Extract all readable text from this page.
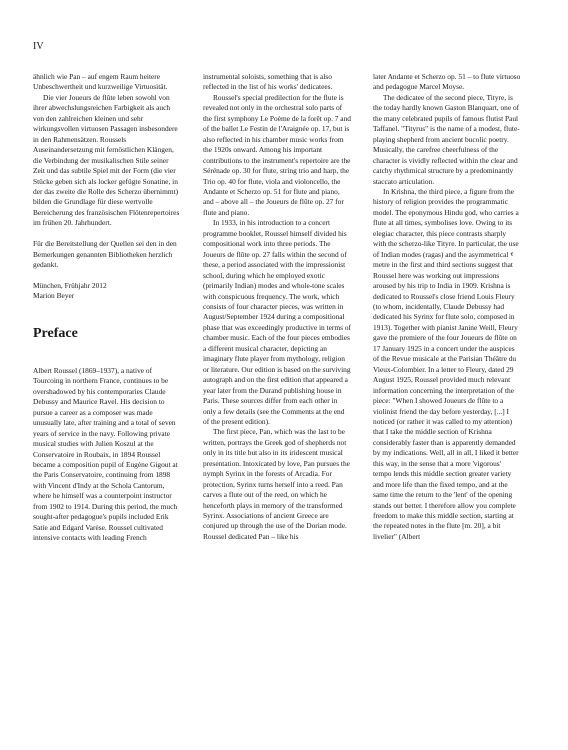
IV

ähnlich wie Pan – auf engem Raum heitere Unbeschwertheit und kurzweilige Virtuosität.

Die vier Joueurs de flûte leben sowohl von ihrer abwechslungsreichen Farbigkeit als auch von den zahlreichen kleinen und sehr wirkungsvollen virtuosen Passagen insbesondere in den Rahmensätzen. Roussels Auseinandersetzung mit fernöstlichen Klängen, die Verbindung der musikalischen Stile seiner Zeit und das subtile Spiel mit der Form (die vier Stücke geben sich als locker gefügte Sonatine, in der das zweite die Rolle des Scherzo übernimmt) bilden die Grundlage für diese wertvolle Bereicherung des französischen Flötenrepertoires im frühen 20. Jahrhundert.

Für die Bereitstellung der Quellen sei den in den Bemerkungen genannten Bibliotheken herzlich gedankt.

München, Frühjahr 2012

Marion Beyer

Preface

Albert Roussel (1869–1937), a native of Tourcoing in northern France, continues to be overshadowed by his contemporaries Claude Debussy and Maurice Ravel. His decision to pursue a career as a composer was made unusually late, after training and a total of seven years of service in the navy. Following private musical studies with Julien Koszul at the Conservatoire in Roubaix, in 1894 Roussel became a composition pupil of Eugène Gigout at the Paris Conservatoire, continuing from 1898 with Vincent d'Indy at the Schola Cantorum, where he himself was a counterpoint instructor from 1902 to 1914. During this period, the much sought-after pedagogue's pupils included Erik Satie and Edgard Varèse. Roussel cultivated intensive contacts with leading French

instrumental soloists, something that is also reflected in the list of his works' dedicatees.

Roussel's special predilection for the flute is revealed not only in the orchestral solo parts of the first symphony Le Poème de la forêt op. 7 and of the ballet Le Festin de l'Araignée op. 17, but is also reflected in his chamber music works from the 1920s onward. Among his important contributions to the instrument's repertoire are the Sérénade op. 30 for flute, string trio and harp, the Trio op. 40 for flute, viola and violoncello, the Andante et Scherzo op. 51 for flute and piano, and – above all – the Joueurs de flûte op. 27 for flute and piano.

In 1933, in his introduction to a concert programme booklet, Roussel himself divided his compositional work into three periods. The Joueurs de flûte op. 27 falls within the second of these, a period associated with the impressionist school, during which he employed exotic (primarily Indian) modes and whole-tone scales with conspicuous frequency. The work, which consists of four character pieces, was written in August/September 1924 during a compositional phase that was exceedingly productive in terms of chamber music. Each of the four pieces embodies a different musical character, depicting an imaginary flute player from mythology, religion or literature. Our edition is based on the surviving autograph and on the first edition that appeared a year later from the Durand publishing house in Paris. These sources differ from each other in only a few details (see the Comments at the end of the present edition).

The first piece, Pan, which was the last to be written, portrays the Greek god of shepherds not only in its title but also in its iridescent musical presentation. Intoxicated by love, Pan pursues the nymph Syrinx in the forests of Arcadia. For protection, Syrinx turns herself into a reed. Pan carves a flute out of the reed, on which he henceforth plays in memory of the transformed Syrinx. Associations of ancient Greece are conjured up through the use of the Dorian mode. Roussel dedicated Pan – like his

later Andante et Scherzo op. 51 – to flute virtuoso and pedagogue Marcel Moyse.

The dedicatee of the second piece, Tityre, is the today hardly known Gaston Blanquart, one of the many celebrated pupils of famous flutist Paul Taffanel. "Tityrus" is the name of a modest, flute-playing shepherd from ancient bucolic poetry. Musically, the carefree cheerfulness of the character is vividly reflected within the clear and catchy rhythmical structure by a predominantly staccato articulation.

In Krishna, the third piece, a figure from the history of religion provides the programmatic model. The eponymous Hindu god, who carries a flute at all times, symbolises love. Owing to its elegiac character, this piece contrasts sharply with the scherzo-like Tityre. In particular, the use of Indian modes (ragas) and the asymmetrical 𝄴 metre in the first and third sections suggest that Roussel here was working out impressions aroused by his trip to India in 1909. Krishna is dedicated to Roussel's close friend Louis Fleury (to whom, incidentally, Claude Debussy had dedicated his Syrinx for flute solo, composed in 1913). Together with pianist Janine Weill, Fleury gave the premiere of the four Joueurs de flûte on 17 January 1925 in a concert under the auspices of the Revue musicale at the Parisian Théâtre du Vieux-Colombier. In a letter to Fleury, dated 29 August 1925, Roussel provided much relevant information concerning the interpretation of the piece: "When I showed Joueurs de flûte to a violinist friend the day before yesterday, [...] I noticed (or rather it was called to my attention) that I take the middle section of Krishna considerably faster than is apparently demanded by my indications. Well, all in all, I liked it better this way, in the sense that a more 'vigorous' tempo lends this middle section greater variety and more life than the fixed tempo, and at the same time the return to the 'lent' of the opening stands out better. I therefore allow you complete freedom to make this middle section, starting at the repeated notes in the flute [m. 20], a bit livelier" (Albert
